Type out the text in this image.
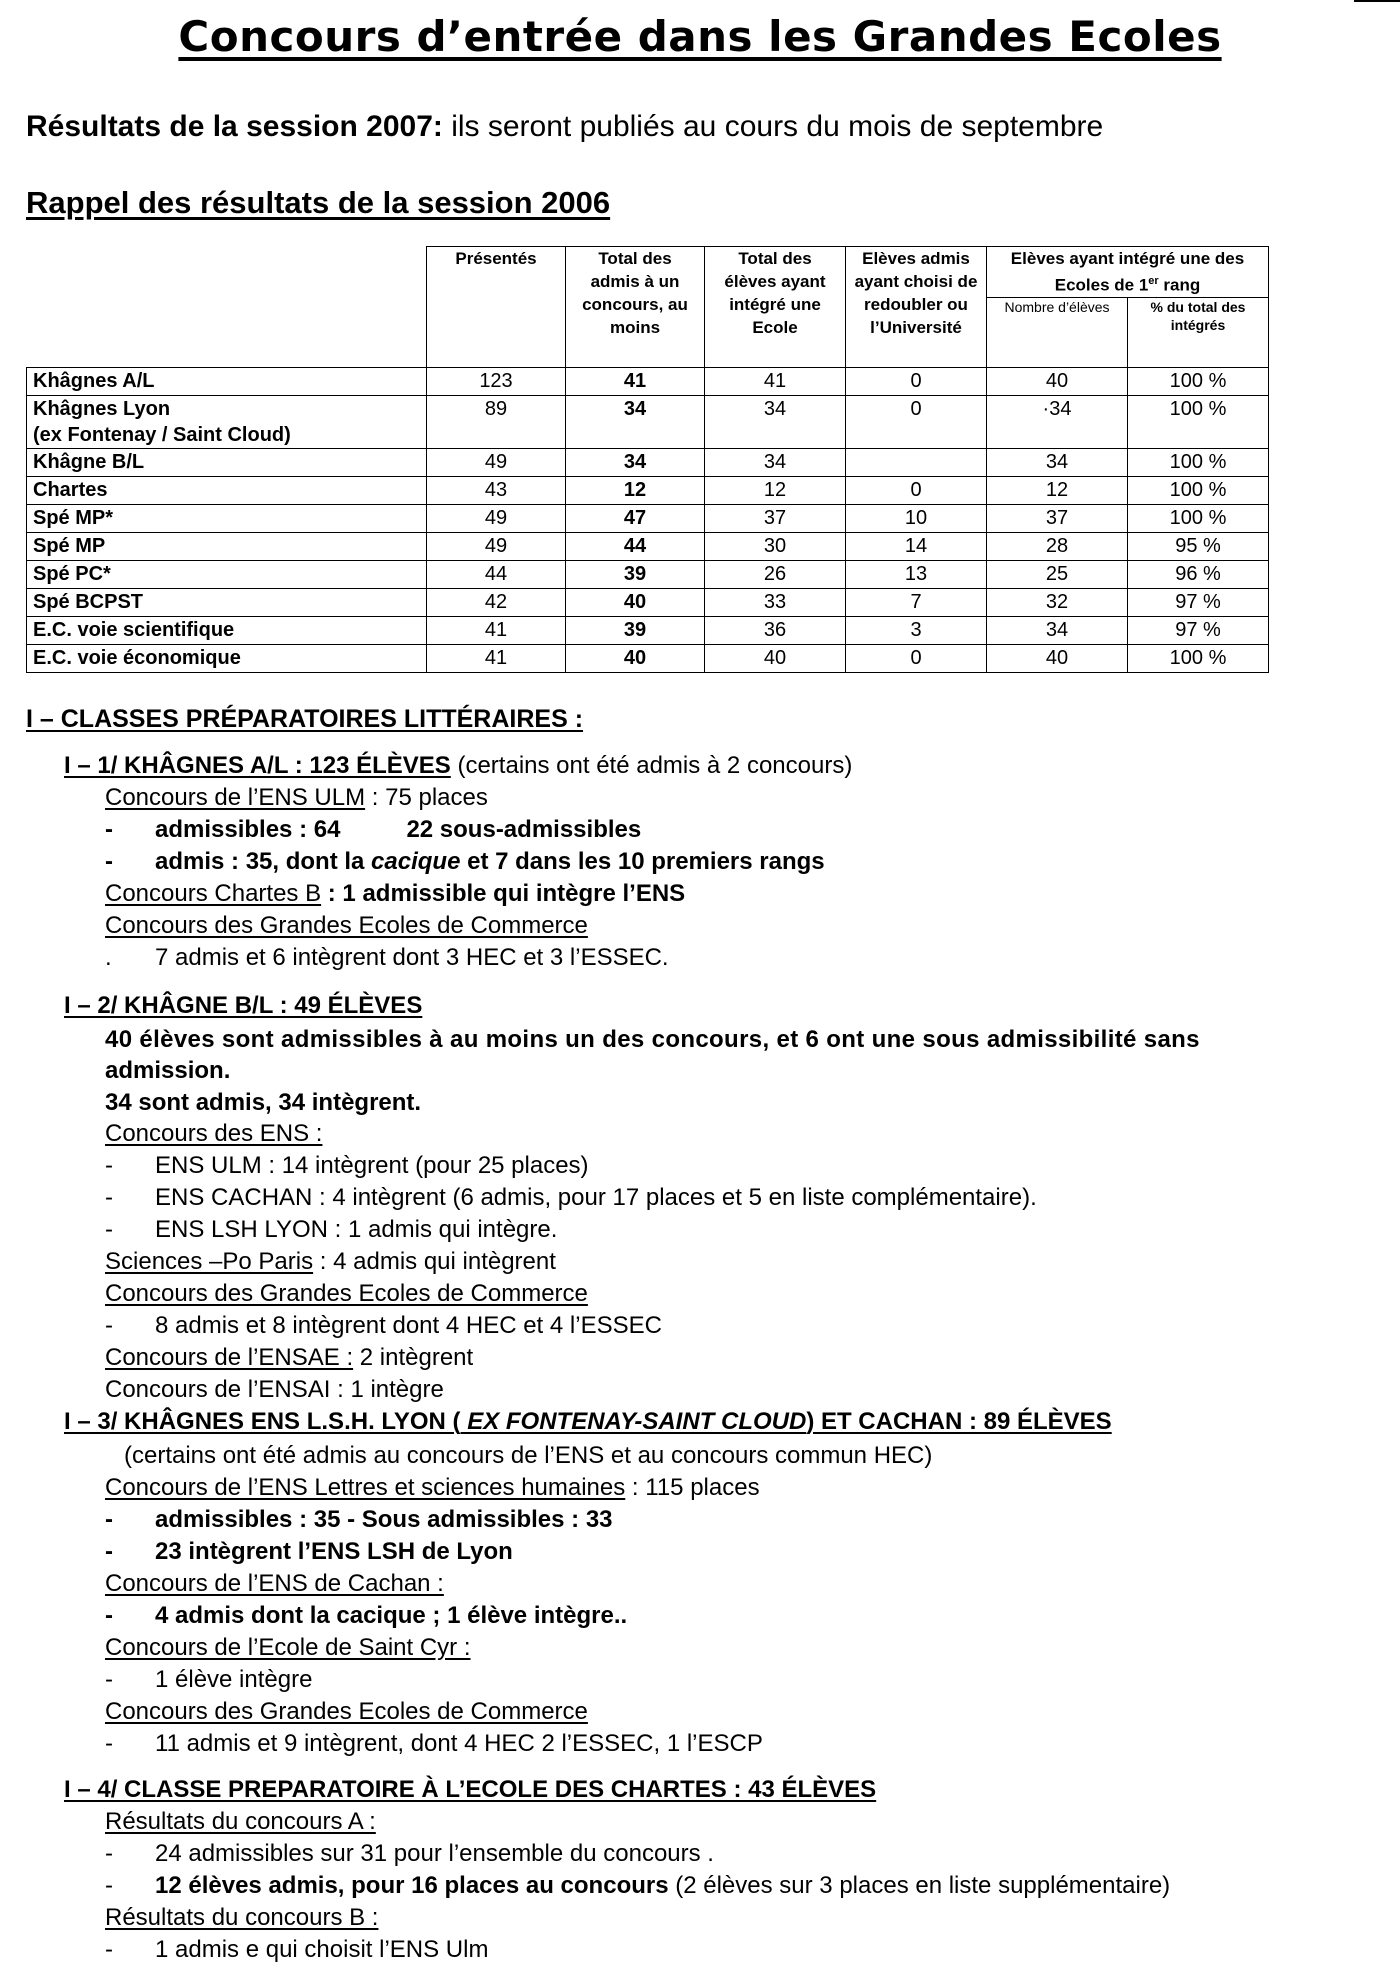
Concours d’entrée dans les Grandes Ecoles
Résultats de la session 2007: ils seront publiés au cours du mois de septembre
Rappel des résultats de la session 2006
	Présentés	Total des admis à un concours, au moins	Total des élèves ayant intégré une Ecole	Elèves admis ayant choisi de redoubler ou l’Université	Elèves ayant intégré une des Ecoles de 1er rang	
					Nombre d’élèves	% du total des intégrés

Khâgnes A/L	123	41	41	0	40	100 %

Khâgnes Lyon
(ex Fontenay / Saint Cloud)	89	34	34	0	·34	100 %

Khâgne B/L	49	34	34		34	100 %

Chartes	43	12	12	0	12	100 %

Spé MP*	49	47	37	10	37	100 %

Spé MP	49	44	30	14	28	95 %

Spé PC*	44	39	26	13	25	96 %

Spé BCPST	42	40	33	7	32	97 %

E.C. voie scientifique	41	39	36	3	34	97 %

E.C. voie économique	41	40	40	0	40	100 %
I – CLASSES PRÉPARATOIRES LITTÉRAIRES :
I – 1/ KHÂGNES A/L : 123 ÉLÈVES (certains ont été admis à 2 concours)
Concours de l’ENS ULM : 75 places
- admissibles : 64	22 sous-admissibles
- admis : 35, dont la cacique et 7 dans les 10 premiers rangs
Concours Chartes B : 1 admissible qui intègre l’ENS
Concours des Grandes Ecoles de Commerce
. 7 admis et 6 intègrent dont 3 HEC et 3 l’ESSEC.
I – 2/ KHÂGNE B/L : 49 ÉLÈVES
40 élèves sont admissibles à au moins un des concours, et 6 ont une sous admissibilité sans
admission.
34 sont admis, 34 intègrent.
Concours des ENS :
- ENS ULM : 14 intègrent (pour 25 places)
- ENS CACHAN : 4 intègrent (6 admis, pour 17 places et 5 en liste complémentaire).
- ENS LSH LYON : 1 admis qui intègre.
Sciences –Po Paris : 4 admis qui intègrent
Concours des Grandes Ecoles de Commerce
- 8 admis et 8 intègrent dont 4 HEC et 4 l’ESSEC
Concours de l’ENSAE : 2 intègrent
Concours de l’ENSAI : 1 intègre
I – 3/ KHÂGNES ENS L.S.H. LYON ( EX FONTENAY-SAINT CLOUD) ET CACHAN : 89 ÉLÈVES
(certains ont été admis au concours de l’ENS et au concours commun HEC)
Concours de l’ENS Lettres et sciences humaines : 115 places
- admissibles : 35 - Sous admissibles : 33
- 23 intègrent l’ENS LSH de Lyon
Concours de l’ENS de Cachan :
- 4 admis dont la cacique ; 1 élève intègre..
Concours de l’Ecole de Saint Cyr :
- 1 élève intègre
Concours des Grandes Ecoles de Commerce
- 11 admis et 9 intègrent, dont 4 HEC 2 l’ESSEC, 1 l’ESCP
I – 4/ CLASSE PREPARATOIRE À L’ECOLE DES CHARTES : 43 ÉLÈVES
Résultats du concours A :
- 24 admissibles sur 31 pour l’ensemble du concours .
- 12 élèves admis, pour 16 places au concours (2 élèves sur 3 places en liste supplémentaire)
Résultats du concours B :
- 1 admis e qui choisit l’ENS Ulm
